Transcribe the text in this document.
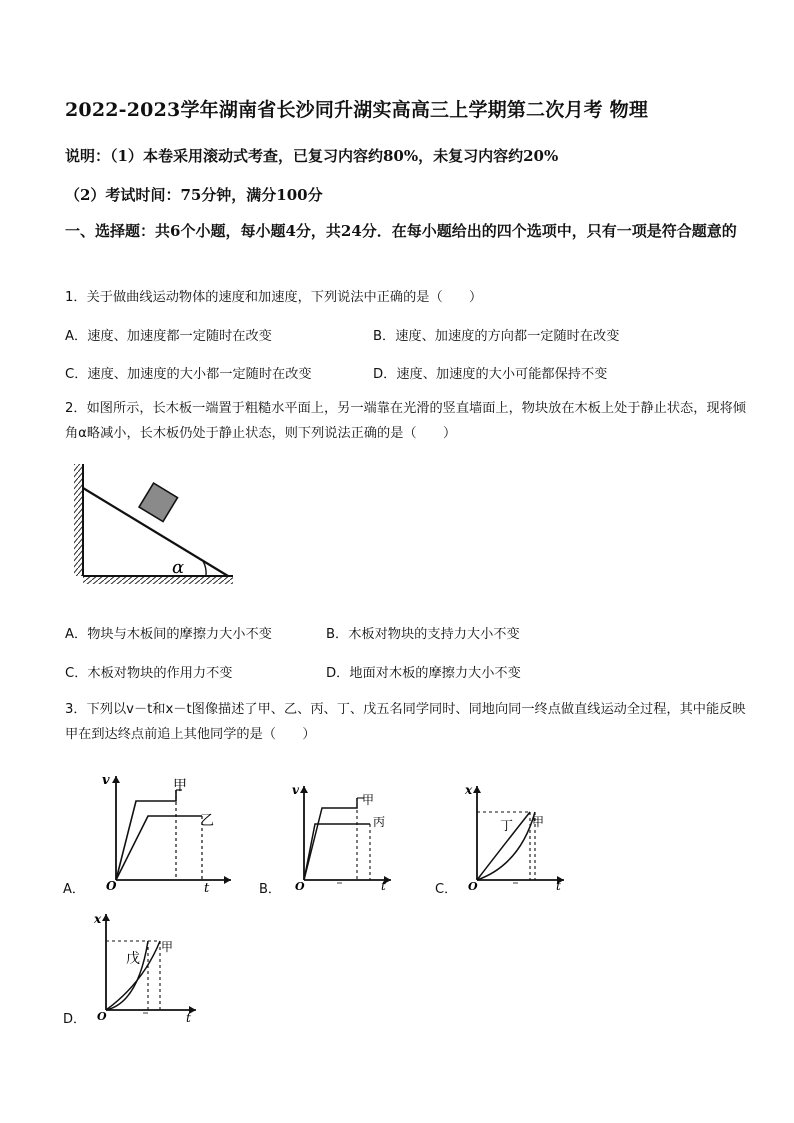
2022-2023学年湖南省长沙同升湖实高高三上学期第二次月考 物理
说明：（1）本卷采用滚动式考查，已复习内容约80%，未复习内容约20%
（2）考试时间：75分钟，满分100分
一、选择题：共6个小题，每小题4分，共24分．在每小题给出的四个选项中，只有一项是符合题意的
1．关于做曲线运动物体的速度和加速度，下列说法中正确的是（　　）
A．速度、加速度都一定随时在改变	B．速度、加速度的方向都一定随时在改变
C．速度、加速度的大小都一定随时在改变	D．速度、加速度的大小可能都保持不变
2．如图所示，长木板一端置于粗糙水平面上，另一端靠在光滑的竖直墙面上，物块放在木板上处于静止状态，现将倾角α略减小，长木板仍处于静止状态，则下列说法正确的是（　　）
α
A．物块与木板间的摩擦力大小不变	B．木板对物块的支持力大小不变
C．木板对物块的作用力不变	D．地面对木板的摩擦力大小不变
3．下列以v－t和x－t图像描述了甲、乙、丙、丁、戊五名同学同时、同地向同一终点做直线运动全过程，其中能反映甲在到达终点前追上其他同学的是（　　）
A．
v
t
O
甲
乙
B．
v
t
O
甲
丙
C．
x
t
O
丁 甲
D．
x
t
O
戊
甲
